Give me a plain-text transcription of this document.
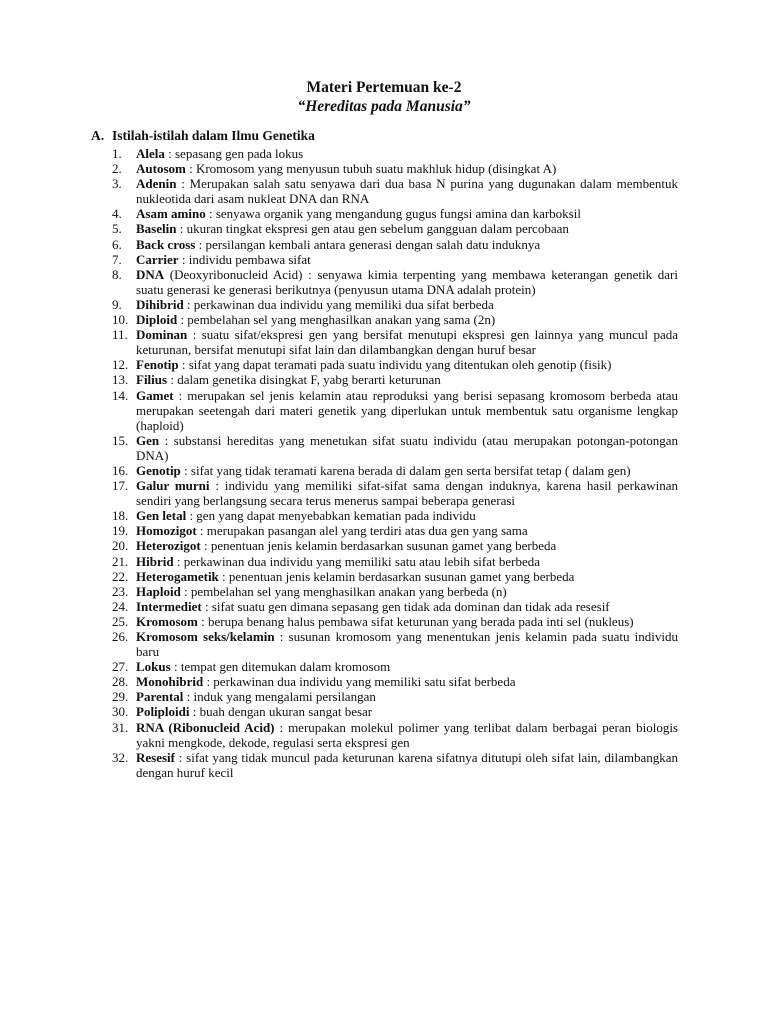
Materi Pertemuan ke-2
“Hereditas pada Manusia”
A. Istilah-istilah dalam Ilmu Genetika
1. Alela : sepasang gen pada lokus
2. Autosom : Kromosom yang menyusun tubuh suatu makhluk hidup (disingkat A)
3. Adenin : Merupakan salah satu senyawa dari dua basa N purina yang dugunakan dalam membentuk nukleotida dari asam nukleat DNA dan RNA
4. Asam amino : senyawa organik yang mengandung gugus fungsi amina dan karboksil
5. Baselin : ukuran tingkat ekspresi gen atau gen sebelum gangguan dalam percobaan
6. Back cross : persilangan kembali antara generasi dengan salah datu induknya
7. Carrier : individu pembawa sifat
8. DNA (Deoxyribonucleid Acid) : senyawa kimia terpenting yang membawa keterangan genetik dari suatu generasi ke generasi berikutnya (penyusun utama DNA adalah protein)
9. Dihibrid : perkawinan dua individu yang memiliki dua sifat berbeda
10. Diploid : pembelahan sel yang menghasilkan anakan yang sama (2n)
11. Dominan : suatu sifat/ekspresi gen yang bersifat menutupi ekspresi gen lainnya yang muncul pada keturunan, bersifat menutupi sifat lain dan dilambangkan dengan huruf besar
12. Fenotip : sifat yang dapat teramati pada suatu individu yang ditentukan oleh genotip (fisik)
13. Filius : dalam genetika disingkat F, yabg berarti keturunan
14. Gamet : merupakan sel jenis kelamin atau reproduksi yang berisi sepasang kromosom berbeda atau merupakan seetengah dari materi genetik yang diperlukan untuk membentuk satu organisme lengkap (haploid)
15. Gen : substansi hereditas yang menetukan sifat suatu individu (atau merupakan potongan-potongan DNA)
16. Genotip : sifat yang tidak teramati karena berada di dalam gen serta bersifat tetap ( dalam gen)
17. Galur murni : individu yang memiliki sifat-sifat sama dengan induknya, karena hasil perkawinan sendiri yang berlangsung secara terus menerus sampai beberapa generasi
18. Gen letal : gen yang dapat menyebabkan kematian pada individu
19. Homozigot : merupakan pasangan alel yang terdiri atas dua gen yang sama
20. Heterozigot : penentuan jenis kelamin berdasarkan susunan gamet yang berbeda
21. Hibrid : perkawinan dua individu yang memiliki satu atau lebih sifat berbeda
22. Heterogametik : penentuan jenis kelamin berdasarkan susunan gamet yang berbeda
23. Haploid : pembelahan sel yang menghasilkan anakan yang berbeda (n)
24. Intermediet : sifat suatu gen dimana sepasang gen tidak ada dominan dan tidak ada resesif
25. Kromosom : berupa benang halus pembawa sifat keturunan yang berada pada inti sel (nukleus)
26. Kromosom seks/kelamin : susunan kromosom yang menentukan jenis kelamin pada suatu individu baru
27. Lokus : tempat gen ditemukan dalam kromosom
28. Monohibrid : perkawinan dua individu yang memiliki satu sifat berbeda
29. Parental : induk yang mengalami persilangan
30. Poliploidi : buah dengan ukuran sangat besar
31. RNA (Ribonucleid Acid) : merupakan molekul polimer yang terlibat dalam berbagai peran biologis yakni mengkode, dekode, regulasi serta ekspresi gen
32. Resesif : sifat yang tidak muncul pada keturunan karena sifatnya ditutupi oleh sifat lain, dilambangkan dengan huruf kecil
